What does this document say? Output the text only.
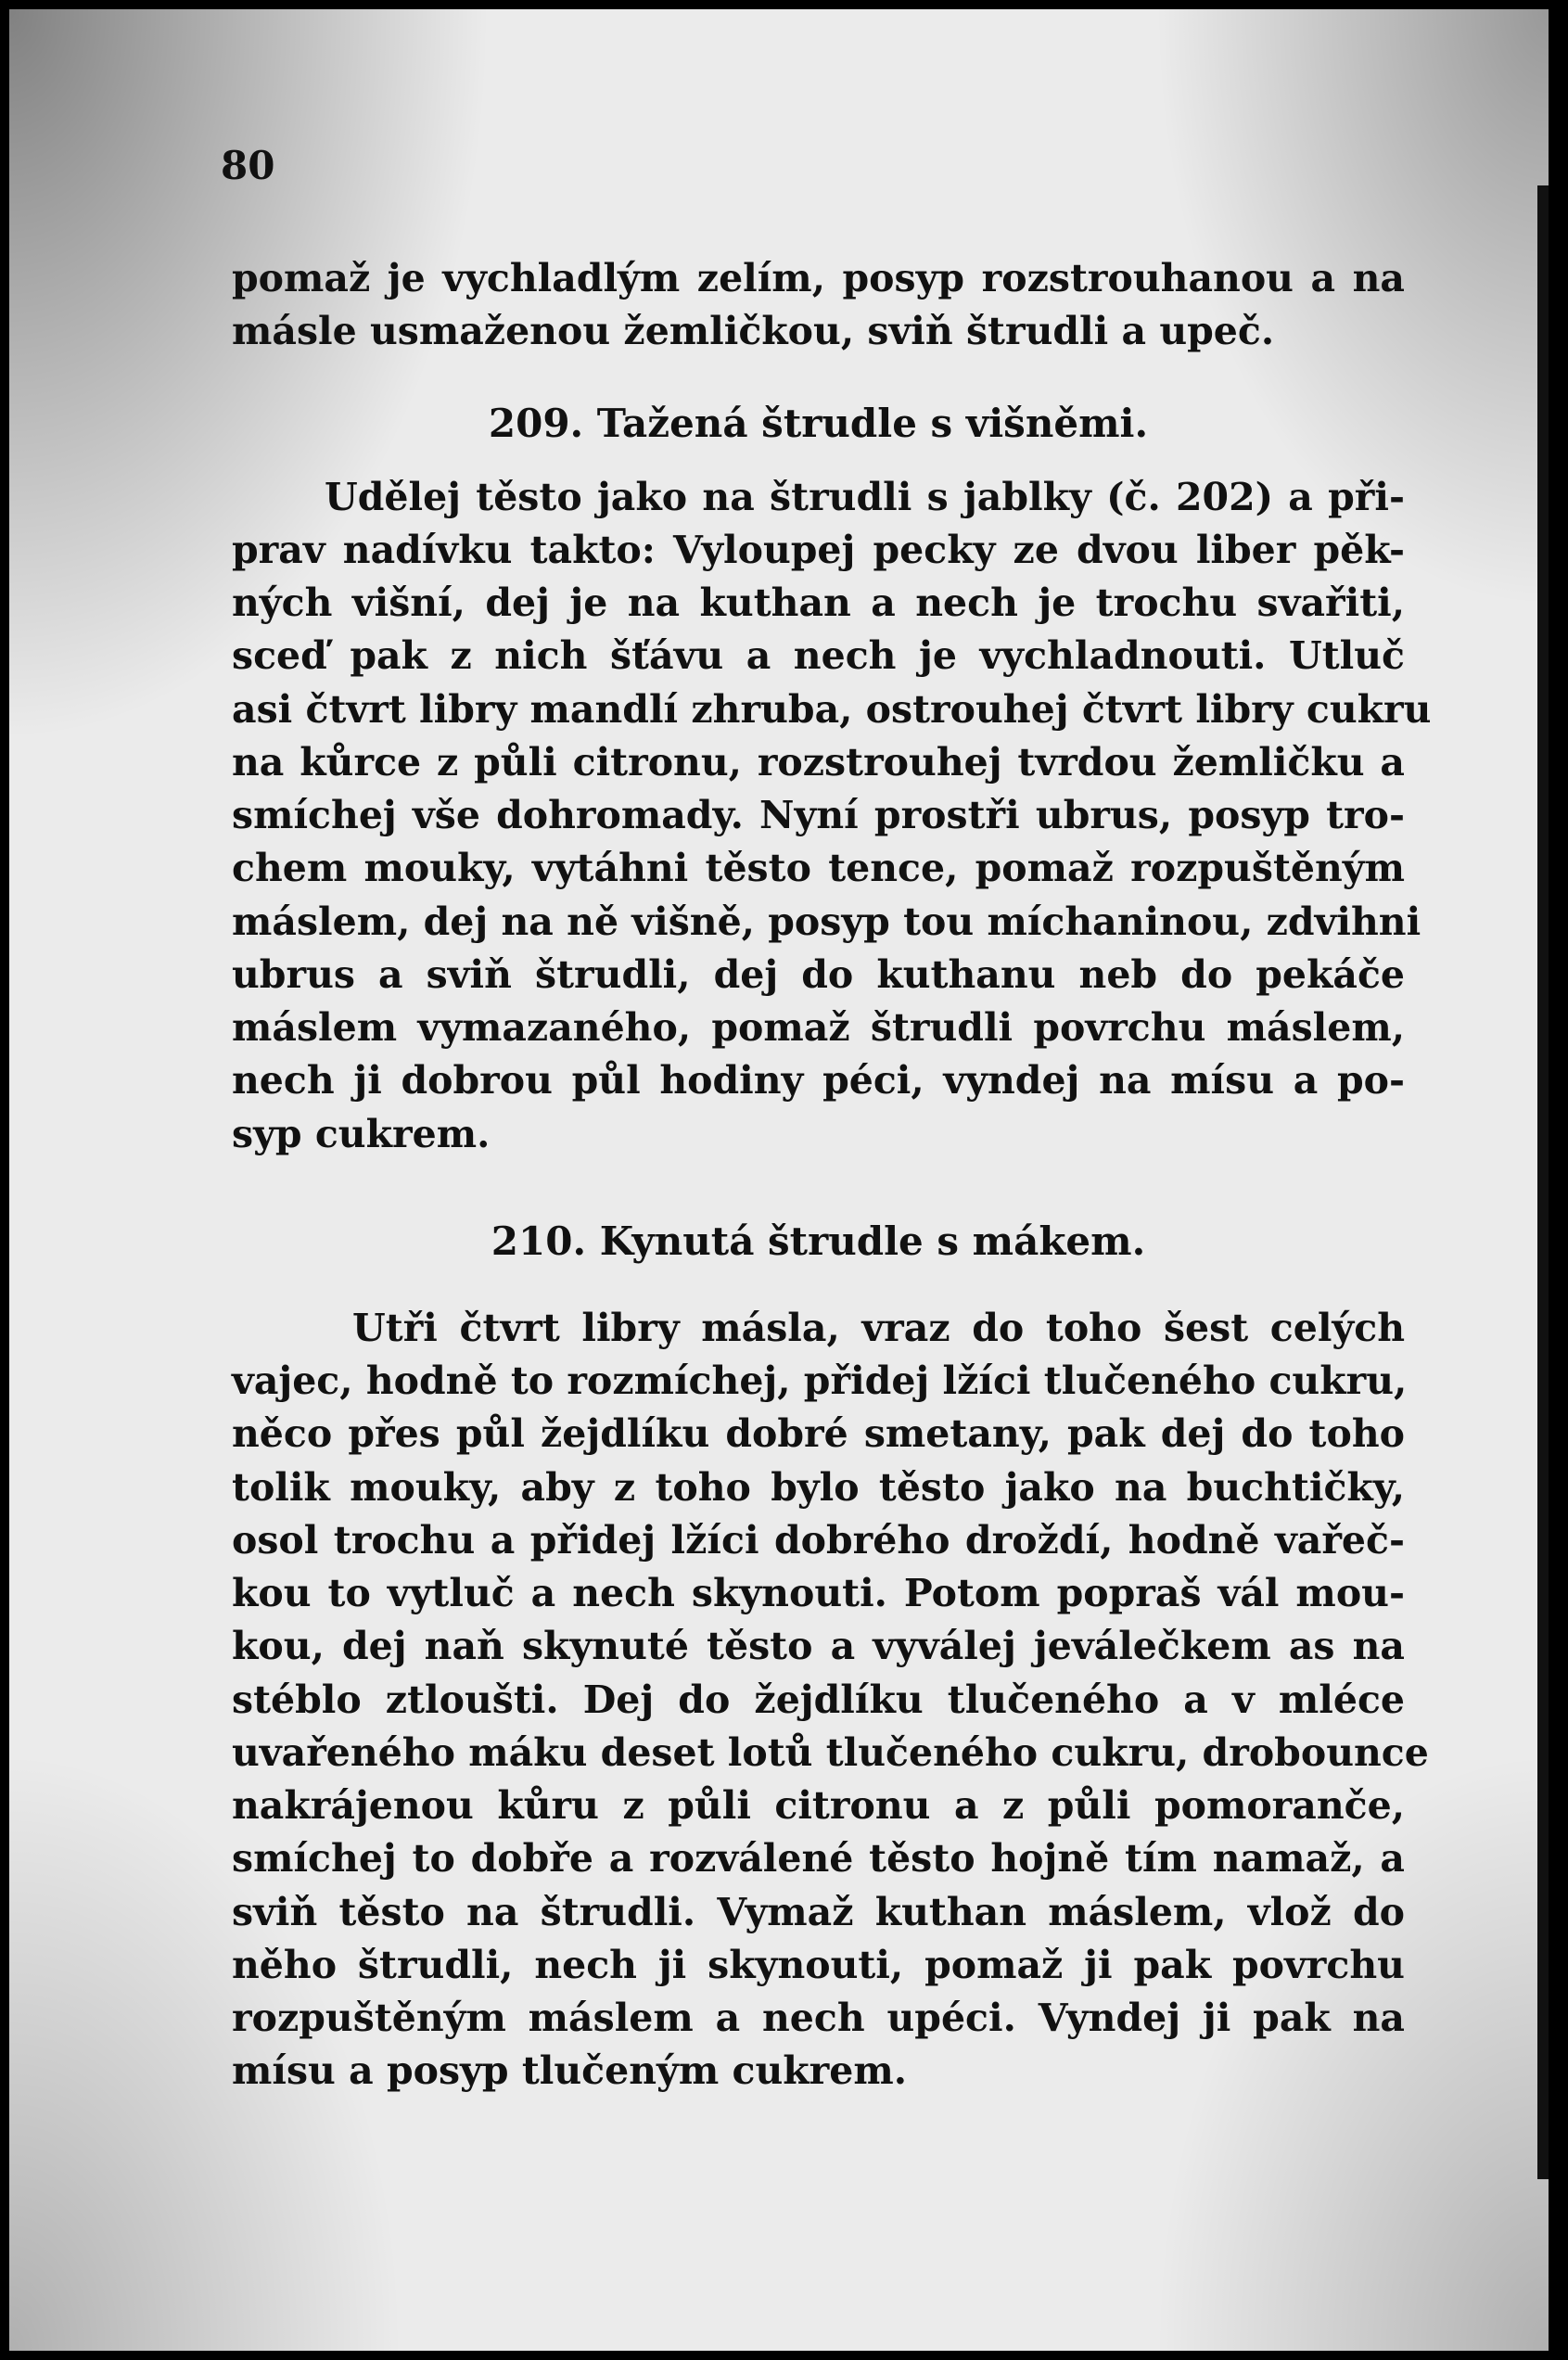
80

pomaž je vychladlým zelím, posyp rozstrouhanou a na

másle usmaženou žemličkou, sviň štrudli a upeč.

209. Tažená štrudle s višněmi.

Udělej těsto jako na štrudli s jablky (č. 202) a při-

prav nadívku takto: Vyloupej pecky ze dvou liber pěk-

ných višní, dej je na kuthan a nech je trochu svařiti,

sceď pak z nich šťávu a nech je vychladnouti. Utluč

asi čtvrt libry mandlí zhruba, ostrouhej čtvrt libry cukru

na kůrce z půli citronu, rozstrouhej tvrdou žemličku a

smíchej vše dohromady. Nyní prostři ubrus, posyp tro-

chem mouky, vytáhni těsto tence, pomaž rozpuštěným

máslem, dej na ně višně, posyp tou míchaninou, zdvihni

ubrus a sviň štrudli, dej do kuthanu neb do pekáče

máslem vymazaného, pomaž štrudli povrchu máslem,

nech ji dobrou půl hodiny péci, vyndej na mísu a po-

syp cukrem.

210. Kynutá štrudle s mákem.

Utři čtvrt libry másla, vraz do toho šest celých

vajec, hodně to rozmíchej, přidej lžíci tlučeného cukru,

něco přes půl žejdlíku dobré smetany, pak dej do toho

tolik mouky, aby z toho bylo těsto jako na buchtičky,

osol trochu a přidej lžíci dobrého droždí, hodně vařeč-

kou to vytluč a nech skynouti. Potom popraš vál mou-

kou, dej naň skynuté těsto a vyválej jeválečkem as na

stéblo ztloušti. Dej do žejdlíku tlučeného a v mléce

uvařeného máku deset lotů tlučeného cukru, drobounce

nakrájenou kůru z půli citronu a z půli pomoranče,

smíchej to dobře a rozválené těsto hojně tím namaž, a

sviň těsto na štrudli. Vymaž kuthan máslem, vlož do

něho štrudli, nech ji skynouti, pomaž ji pak povrchu

rozpuštěným máslem a nech upéci. Vyndej ji pak na

mísu a posyp tlučeným cukrem.
